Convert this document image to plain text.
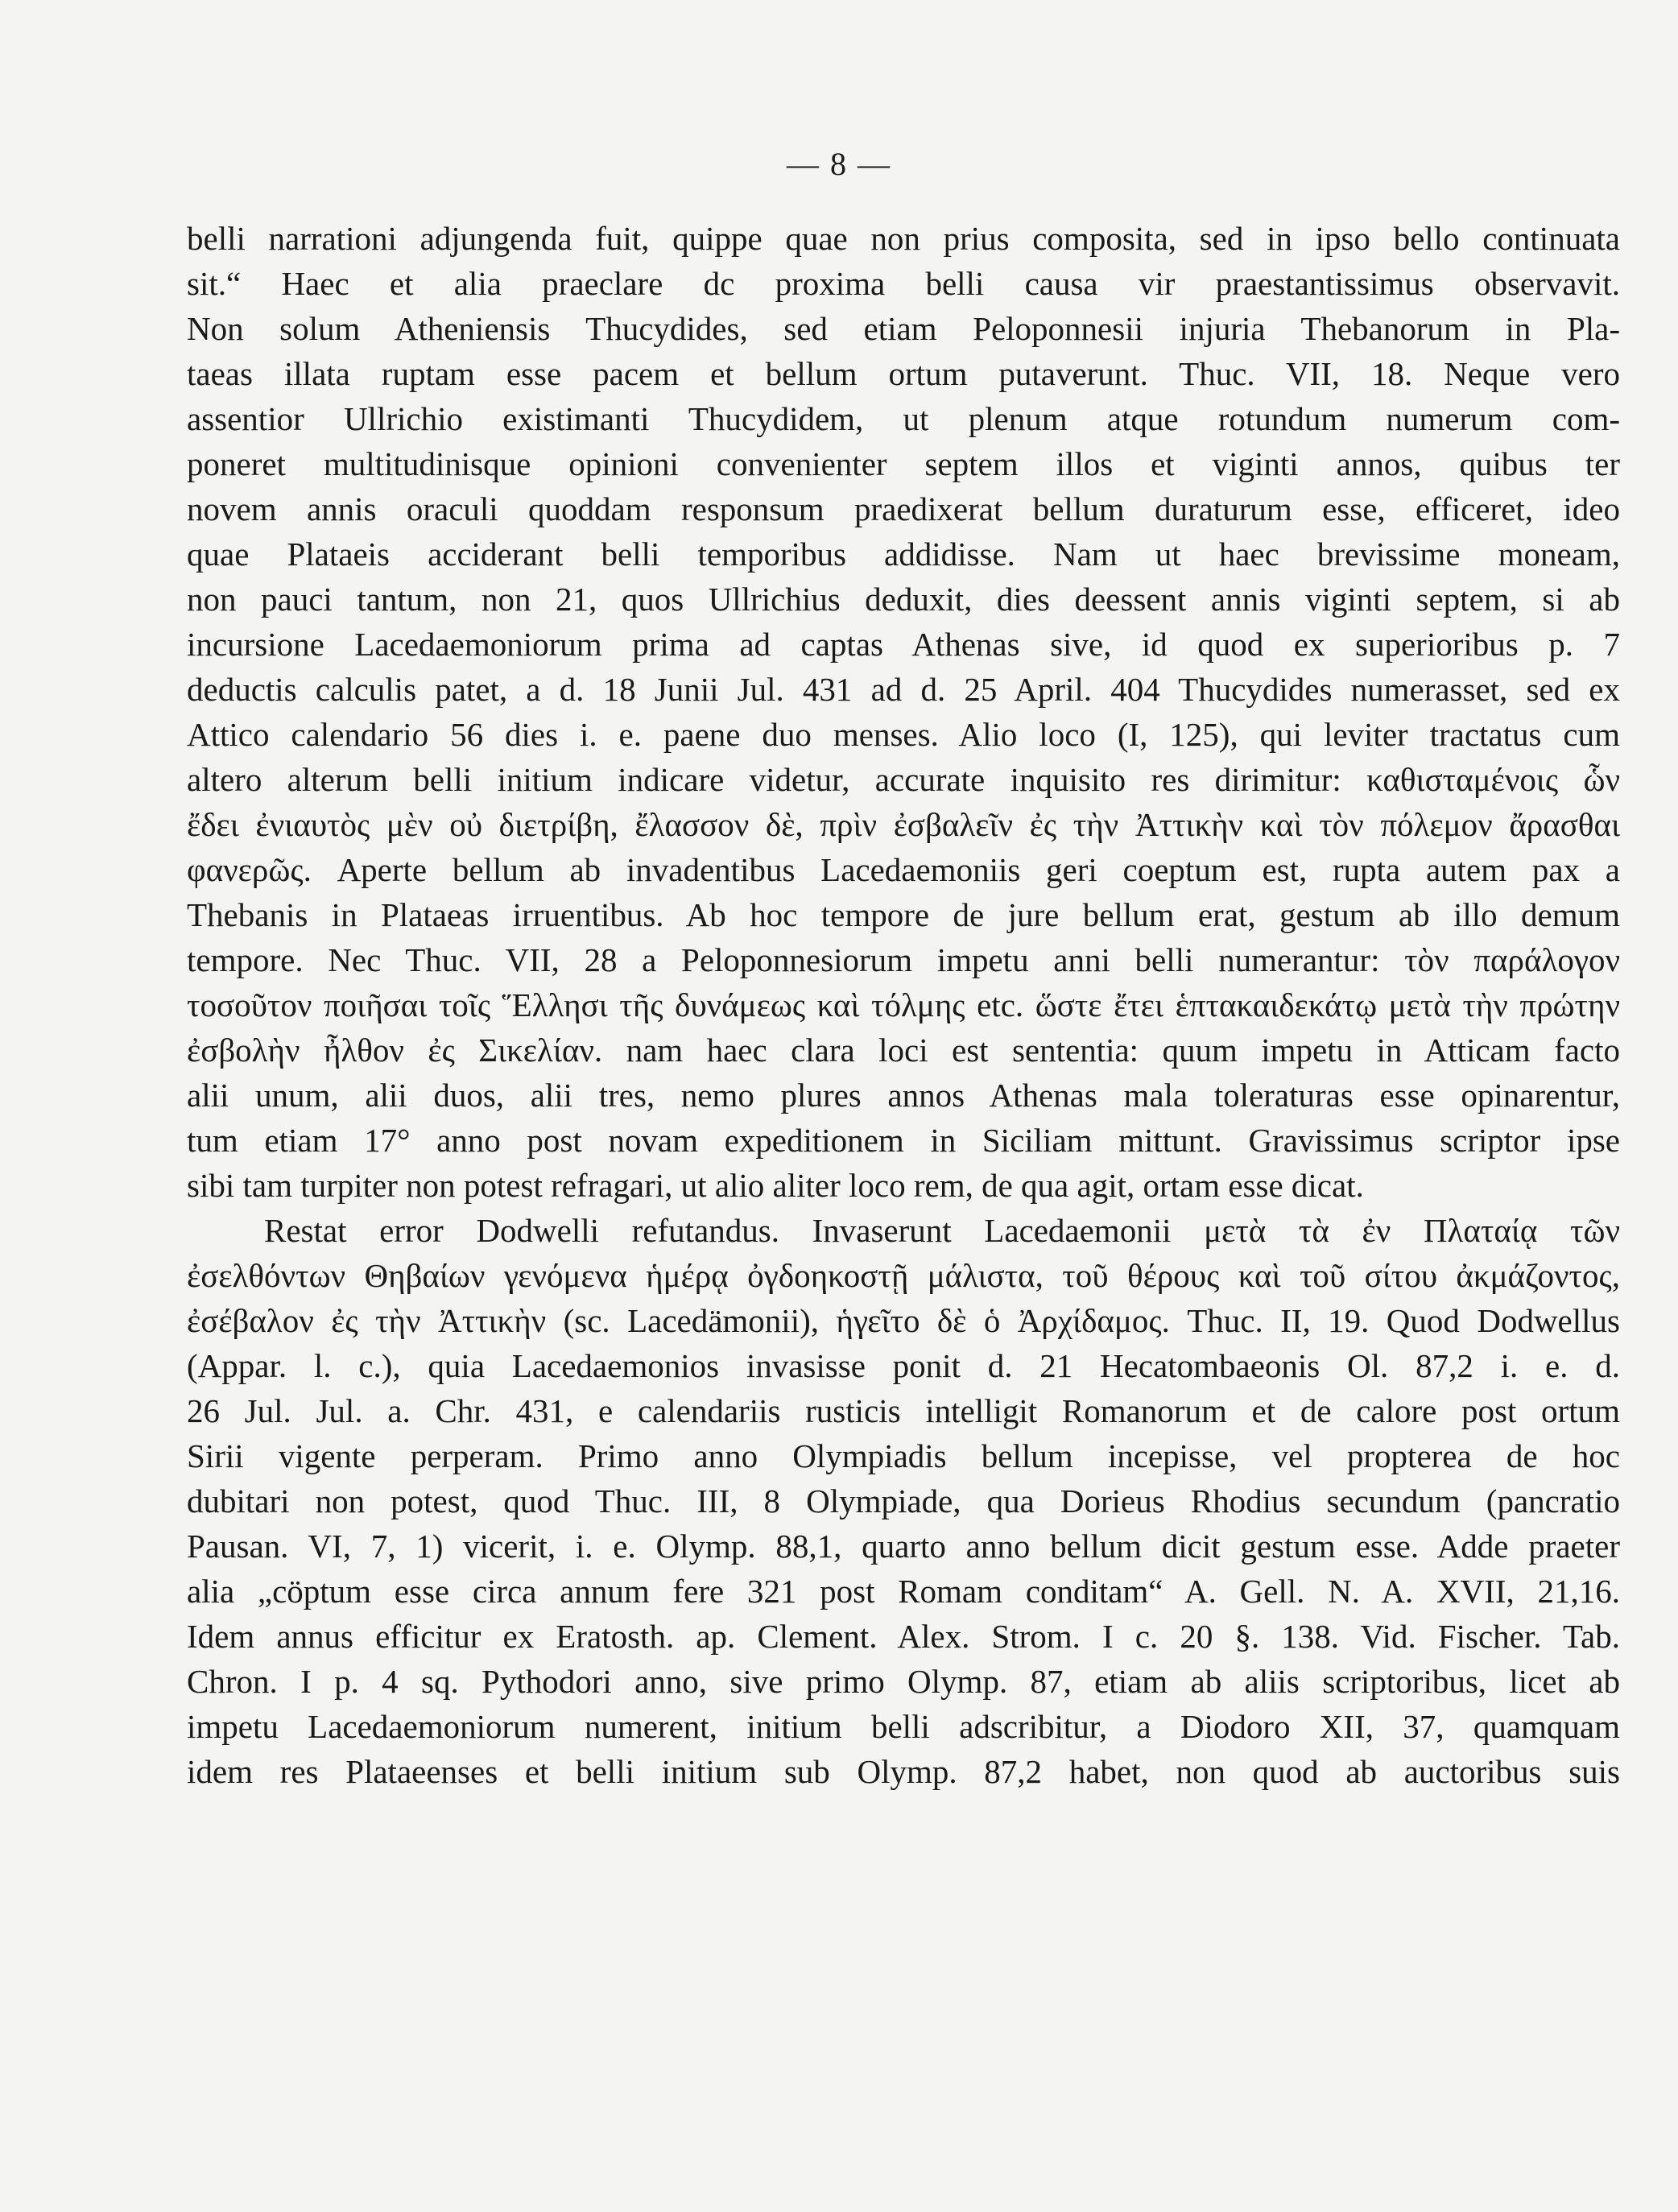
— 8 —
belli narrationi adjungenda fuit, quippe quae non prius composita, sed in ipso bello continuata
sit.“ Haec et alia praeclare dc proxima belli causa vir praestantissimus observavit.
Non solum Atheniensis Thucydides, sed etiam Peloponnesii injuria Thebanorum in Pla-
taeas illata ruptam esse pacem et bellum ortum putaverunt. Thuc. VII, 18. Neque vero
assentior Ullrichio existimanti Thucydidem, ut plenum atque rotundum numerum com-
poneret multitudinisque opinioni convenienter septem illos et viginti annos, quibus ter
novem annis oraculi quoddam responsum praedixerat bellum duraturum esse, efficeret, ideo
quae Plataeis acciderant belli temporibus addidisse. Nam ut haec brevissime moneam,
non pauci tantum, non 21, quos Ullrichius deduxit, dies deessent annis viginti septem, si ab
incursione Lacedaemoniorum prima ad captas Athenas sive, id quod ex superioribus p. 7
deductis calculis patet, a d. 18 Junii Jul. 431 ad d. 25 April. 404 Thucydides numerasset, sed ex
Attico calendario 56 dies i. e. paene duo menses. Alio loco (I, 125), qui leviter tractatus cum
altero alterum belli initium indicare videtur, accurate inquisito res dirimitur: καθισταμένοις ὧν
ἔδει ἐνιαυτὸς μὲν οὐ διετρίβη, ἔλασσον δὲ, πρὶν ἐσβαλεῖν ἐς τὴν Ἀττικὴν καὶ τὸν πόλεμον ἄρασθαι
φανερῶς. Aperte bellum ab invadentibus Lacedaemoniis geri coeptum est, rupta autem pax a
Thebanis in Plataeas irruentibus. Ab hoc tempore de jure bellum erat, gestum ab illo demum
tempore. Nec Thuc. VII, 28 a Peloponnesiorum impetu anni belli numerantur: τὸν παράλογον
τοσοῦτον ποιῆσαι τοῖς Ἕλλησι τῆς δυνάμεως καὶ τόλμης etc. ὥστε ἔτει ἑπτακαιδεκάτῳ μετὰ τὴν πρώτην
ἐσβολὴν ἦλθον ἐς Σικελίαν. nam haec clara loci est sententia: quum impetu in Atticam facto
alii unum, alii duos, alii tres, nemo plures annos Athenas mala toleraturas esse opinarentur,
tum etiam 17° anno post novam expeditionem in Siciliam mittunt. Gravissimus scriptor ipse
sibi tam turpiter non potest refragari, ut alio aliter loco rem, de qua agit, ortam esse dicat.
Restat error Dodwelli refutandus. Invaserunt Lacedaemonii μετὰ τὰ ἐν Πλαταίᾳ τῶν
ἐσελθόντων Θηβαίων γενόμενα ἡμέρᾳ ὀγδοηκοστῇ μάλιστα, τοῦ θέρους καὶ τοῦ σίτου ἀκμάζοντος,
ἐσέβαλον ἐς τὴν Ἀττικὴν (sc. Lacedämonii), ἡγεῖτο δὲ ὁ Ἀρχίδαμος. Thuc. II, 19. Quod Dodwellus
(Appar. l. c.), quia Lacedaemonios invasisse ponit d. 21 Hecatombaeonis Ol. 87,2 i. e. d.
26 Jul. Jul. a. Chr. 431, e calendariis rusticis intelligit Romanorum et de calore post ortum
Sirii vigente perperam. Primo anno Olympiadis bellum incepisse, vel propterea de hoc
dubitari non potest, quod Thuc. III, 8 Olympiade, qua Dorieus Rhodius secundum (pancratio
Pausan. VI, 7, 1) vicerit, i. e. Olymp. 88,1, quarto anno bellum dicit gestum esse. Adde praeter
alia „cöptum esse circa annum fere 321 post Romam conditam“ A. Gell. N. A. XVII, 21,16.
Idem annus efficitur ex Eratosth. ap. Clement. Alex. Strom. I c. 20 §. 138. Vid. Fischer. Tab.
Chron. I p. 4 sq. Pythodori anno, sive primo Olymp. 87, etiam ab aliis scriptoribus, licet ab
impetu Lacedaemoniorum numerent, initium belli adscribitur, a Diodoro XII, 37, quamquam
idem res Plataeenses et belli initium sub Olymp. 87,2 habet, non quod ab auctoribus suis
